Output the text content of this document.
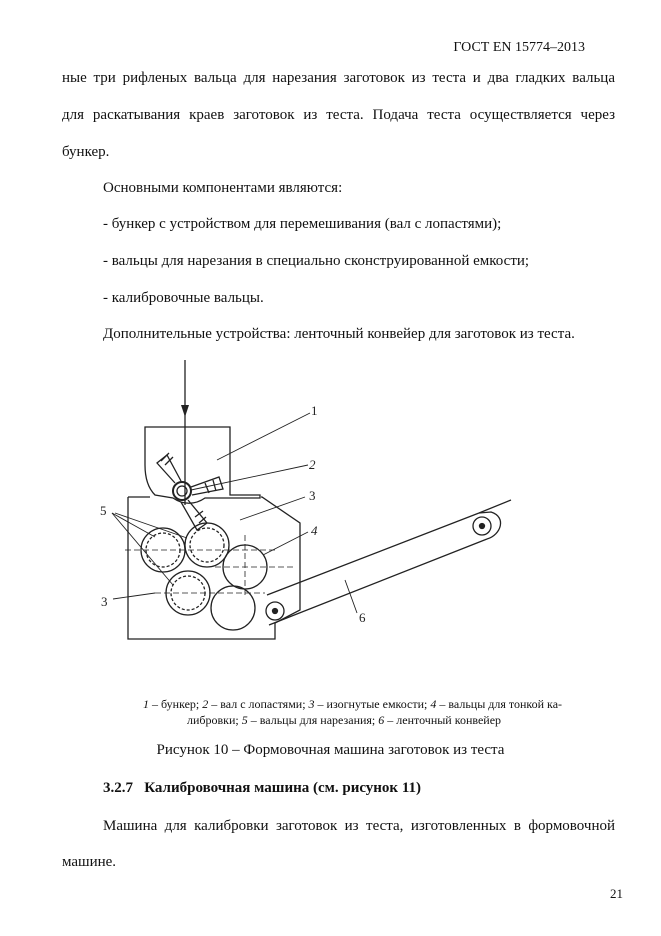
ГОСТ EN 15774–2013
ные три рифленых вальца для нарезания заготовок из теста и два гладких вальца
для раскатывания краев заготовок из теста. Подача теста осуществляется через
бункер.
Основными компонентами являются:
- бункер с устройством для перемешивания (вал с лопастями);
- вальцы для нарезания в специально сконструированной емкости;
- калибровочные вальцы.
Дополнительные устройства: ленточный конвейер для заготовок из теста.
1
2
3
4
5
3
6
1 – бункер; 2 – вал с лопастями; 3 – изогнутые емкости; 4 – вальцы для тонкой ка-
либровки; 5 – вальцы для нарезания; 6 – ленточный конвейер
Рисунок 10 – Формовочная машина заготовок из теста
3.2.7 Калибровочная машина (см. рисунок 11)
Машина для калибровки заготовок из теста, изготовленных в формовочной
машине.
21
